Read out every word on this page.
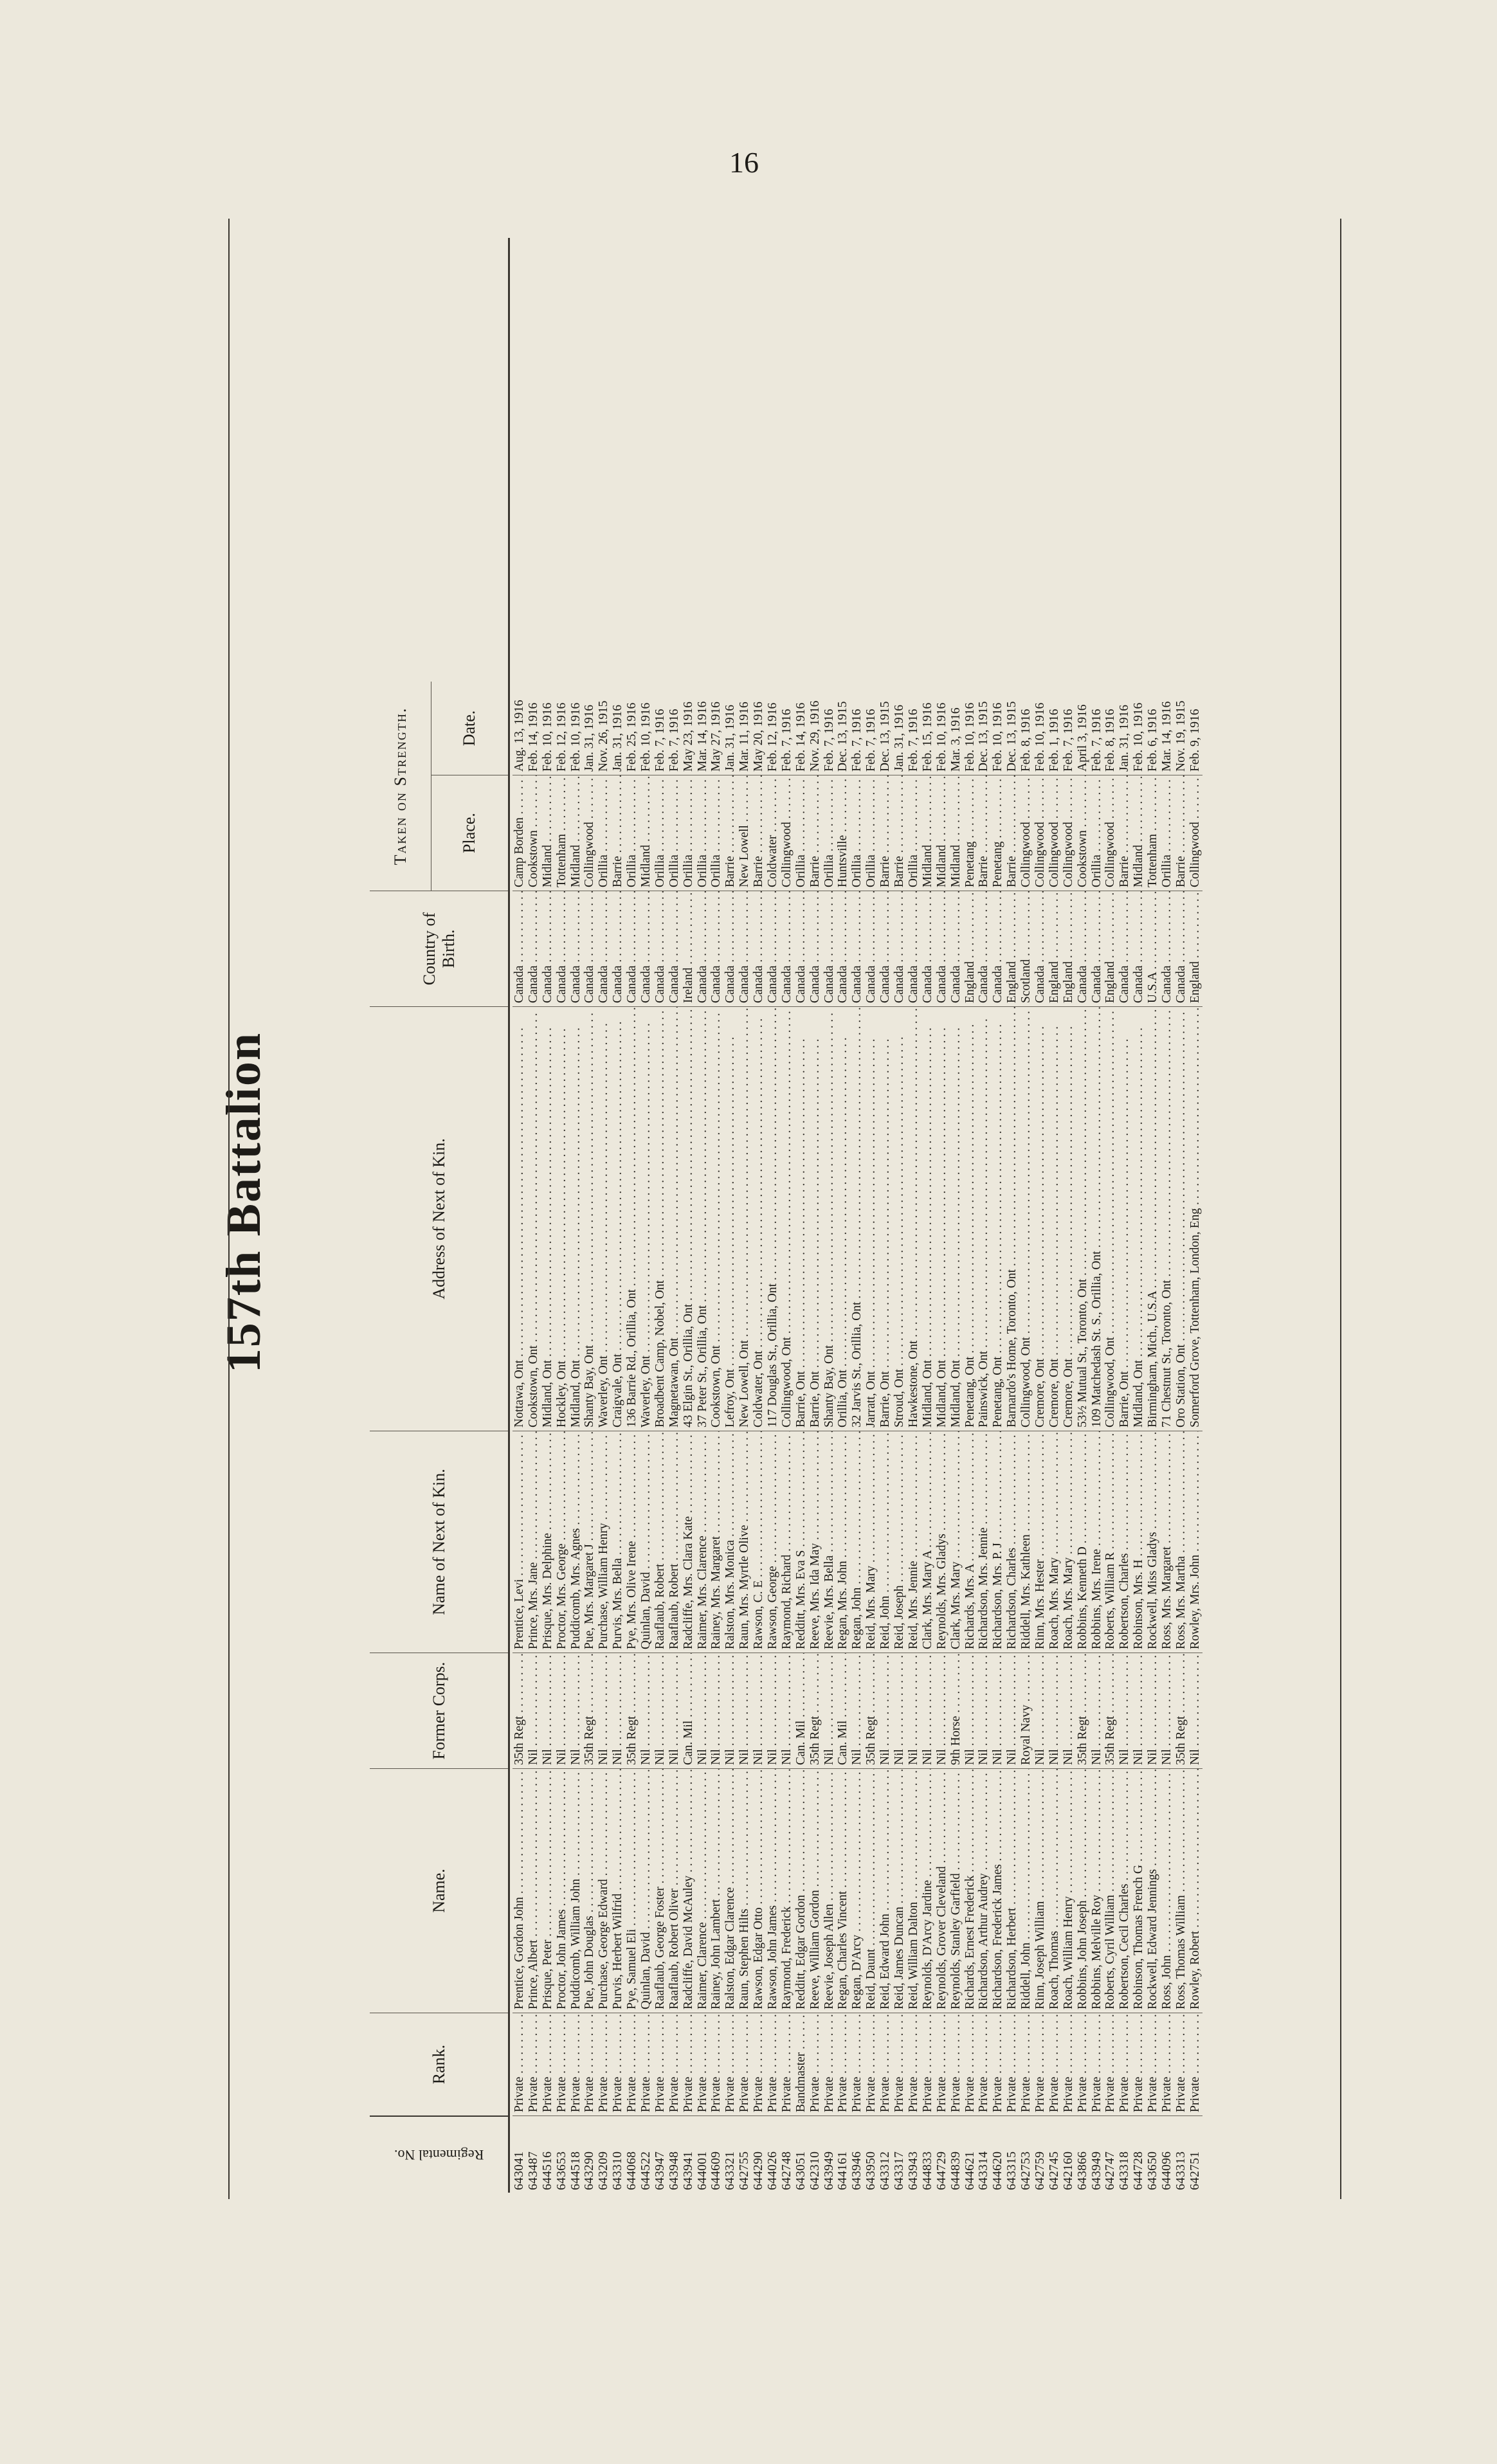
16
157th Battalion
Regimental No.
Rank.
Name.
Former Corps.
Name of Next of Kin.
Address of Next of Kin.
Country of Birth.
Taken on Strength.	Place.
Date.
643041
Private . . .
Prentice, Gordon John . . .
35th Regt . . .
Prentice, Levi . . .
Nottawa, Ont . . .
Canada . . .
Camp Borden . . .
Aug. 13, 1916
643487
Private . . .
Prince, Albert . . .
Nil . . .
Prince, Mrs. Jane . . .
Cookstown, Ont . . .
Canada . . .
Cookstown . . .
Feb. 14, 1916
644516
Private . . .
Prisque, Peter . . .
Nil . . .
Prisque, Mrs. Delphine . . .
Midland, Ont . . .
Canada . . .
Midland . . .
Feb. 10, 1916
643653
Private . . .
Proctor, John James . . .
Nil . . .
Proctor, Mrs. George . . .
Hockley, Ont . . .
Canada . . .
Tottenham . . .
Feb. 12, 1916
644518
Private . . .
Puddicomb, William John . . .
Nil . . .
Puddicomb, Mrs. Agnes . . .
Midland, Ont . . .
Canada . . .
Midland . . .
Feb. 10, 1916
643290
Private . . .
Pue, John Douglas . . .
35th Regt . . .
Pue, Mrs. Margaret J . . .
Shanty Bay, Ont . . .
Canada . . .
Collingwood . . .
Jan. 31, 1916
643209
Private . . .
Purchase, George Edward . . .
Nil . . .
Purchase, William Henry . . .
Waverley, Ont . . .
Canada . . .
Orillia . . .
Nov. 26, 1915
643310
Private . . .
Purvis, Herbert Wilfrid . . .
Nil . . .
Purvis, Mrs. Bella . . .
Craigvale, Ont . . .
Canada . . .
Barrie . . .
Jan. 31, 1916
644068
Private . . .
Pye, Samuel Eli . . .
35th Regt . . .
Pye, Mrs. Olive Irene . . .
136 Barrie Rd., Orillia, Ont . . .
Canada . . .
Orillia . . .
Feb. 25, 1916
644522
Private . . .
Quinlan, David . . .
Nil . . .
Quinlan, David . . .
Waverley, Ont . . .
Canada . . .
Midland . . .
Feb. 10, 1916
643947
Private . . .
Raaflaub, George Foster . . .
Nil . . .
Raaflaub, Robert . . .
Broadbent Camp, Nobel, Ont . . .
Canada . . .
Orillia . . .
Feb. 7, 1916
643948
Private . . .
Raaflaub, Robert Oliver . . .
Nil . . .
Raaflaub, Robert . . .
Magnetawan, Ont . . .
Canada . . .
Orillia . . .
Feb. 7, 1916
643941
Private . . .
Radcliffe, David McAuley . . .
Can. Mil . . .
Radcliffe, Mrs. Clara Kate . . .
43 Elgin St., Orillia, Ont . . .
Ireland . . .
Orillia . . .
May 23, 1916
644001
Private . . .
Raimer, Clarence . . .
Nil . . .
Raimer, Mrs. Clarence . . .
37 Peter St., Orillia, Ont . . .
Canada . . .
Orillia . . .
Mar. 14, 1916
644609
Private . . .
Rainey, John Lambert . . .
Nil . . .
Rainey, Mrs. Margaret . . .
Cookstown, Ont . . .
Canada . . .
Orillia . . .
May 27, 1916
643321
Private . . .
Ralston, Edgar Clarence . . .
Nil . . .
Ralston, Mrs. Monica . . .
Lefroy, Ont . . .
Canada . . .
Barrie . . .
Jan. 31, 1916
642755
Private . . .
Raun, Stephen Hilts . . .
Nil . . .
Raun, Mrs. Myrtle Olive . . .
New Lowell, Ont . . .
Canada . . .
New Lowell . . .
Mar. 11, 1916
644290
Private . . .
Rawson, Edgar Otto . . .
Nil . . .
Rawson, C. E . . .
Coldwater, Ont . . .
Canada . . .
Barrie . . .
May 20, 1916
644026
Private . . .
Rawson, John James . . .
Nil . . .
Rawson, George . . .
117 Douglas St., Orillia, Ont . . .
Canada . . .
Coldwater . . .
Feb. 12, 1916
642748
Private . . .
Raymond, Frederick . . .
Nil . . .
Raymond, Richard . . .
Collingwood, Ont . . .
Canada . . .
Collingwood . . .
Feb. 7, 1916
643051
Bandmaster . . .
Redditt, Edgar Gordon . . .
Can. Mil . . .
Redditt, Mrs. Eva S . . .
Barrie, Ont . . .
Canada . . .
Orillia . . .
Feb. 14, 1916
642310
Private . . .
Reeve, William Gordon . . .
35th Regt . . .
Reeve, Mrs. Ida May . . .
Barrie, Ont . . .
Canada . . .
Barrie . . .
Nov. 29, 1916
643949
Private . . .
Reevie, Joseph Allen . . .
Nil . . .
Reevie, Mrs. Bella . . .
Shanty Bay, Ont . . .
Canada . . .
Orillia . . .
Feb. 7, 1916
644161
Private . . .
Regan, Charles Vincent . . .
Can. Mil . . .
Regan, Mrs. John . . .
Orillia, Ont . . .
Canada . . .
Huntsville . . .
Dec. 13, 1915
643946
Private . . .
Regan, D'Arcy . . .
Nil . . .
Regan, John . . .
32 Jarvis St., Orillia, Ont . . .
Canada . . .
Orillia . . .
Feb. 7, 1916
643950
Private . . .
Reid, Daunt . . .
35th Regt . . .
Reid, Mrs. Mary . . .
Jarratt, Ont . . .
Canada . . .
Orillia . . .
Feb. 7, 1916
643312
Private . . .
Reid, Edward John . . .
Nil . . .
Reid, John . . .
Barrie, Ont . . .
Canada . . .
Barrie . . .
Dec. 13, 1915
643317
Private . . .
Reid, James Duncan . . .
Nil . . .
Reid, Joseph . . .
Stroud, Ont . . .
Canada . . .
Barrie . . .
Jan. 31, 1916
643943
Private . . .
Reid, William Dalton . . .
Nil . . .
Reid, Mrs. Jennie . . .
Hawkestone, Ont . . .
Canada . . .
Orillia . . .
Feb. 7, 1916
644833
Private . . .
Reynolds, D'Arcy Jardine . . .
Nil . . .
Clark, Mrs. Mary A . . .
Midland, Ont . . .
Canada . . .
Midland . . .
Feb. 15, 1916
644729
Private . . .
Reynolds, Grover Cleveland . . .
Nil . . .
Reynolds, Mrs. Gladys . . .
Midland, Ont . . .
Canada . . .
Midland . . .
Feb. 10, 1916
644839
Private . . .
Reynolds, Stanley Garfield . . .
9th Horse . . .
Clark, Mrs. Mary . . .
Midland, Ont . . .
Canada . . .
Midland . . .
Mar. 3, 1916
644621
Private . . .
Richards, Ernest Frederick . . .
Nil . . .
Richards, Mrs. A . . .
Penetang, Ont . . .
England . . .
Penetang . . .
Feb. 10, 1916
643314
Private . . .
Richardson, Arthur Audrey . . .
Nil . . .
Richardson, Mrs. Jennie . . .
Painswick, Ont . . .
Canada . . .
Barrie . . .
Dec. 13, 1915
644620
Private . . .
Richardson, Frederick James . . .
Nil . . .
Richardson, Mrs. P. J . . .
Penetang, Ont . . .
Canada . . .
Penetang . . .
Feb. 10, 1916
643315
Private . . .
Richardson, Herbert . . .
Nil . . .
Richardson, Charles . . .
Barnardo's Home, Toronto, Ont . . .
England . . .
Barrie . . .
Dec. 13, 1915
642753
Private . . .
Riddell, John . . .
Royal Navy . . .
Riddell, Mrs. Kathleen . . .
Collingwood, Ont . . .
Scotland . . .
Collingwood . . .
Feb. 8, 1916
642759
Private . . .
Rinn, Joseph William . . .
Nil . . .
Rinn, Mrs. Hester . . .
Cremore, Ont . . .
Canada . . .
Collingwood . . .
Feb. 10, 1916
642745
Private . . .
Roach, Thomas . . .
Nil . . .
Roach, Mrs. Mary . . .
Cremore, Ont . . .
England . . .
Collingwood . . .
Feb. 1, 1916
642160
Private . . .
Roach, William Henry . . .
Nil . . .
Roach, Mrs. Mary . . .
Cremore, Ont . . .
England . . .
Collingwood . . .
Feb. 7, 1916
643866
Private . . .
Robbins, John Joseph . . .
35th Regt . . .
Robbins, Kenneth D . . .
53½ Mutual St., Toronto, Ont . . .
Canada . . .
Cookstown . . .
April 3, 1916
643949
Private . . .
Robbins, Melville Roy . . .
Nil . . .
Robbins, Mrs. Irene . . .
109 Matchedash St. S., Orillia, Ont . . .
Canada . . .
Orillia . . .
Feb. 7, 1916
642747
Private . . .
Roberts, Cyril William . . .
35th Regt . . .
Roberts, William R . . .
Collingwood, Ont . . .
England . . .
Collingwood . . .
Feb. 8, 1916
643318
Private . . .
Robertson, Cecil Charles . . .
Nil . . .
Robertson, Charles . . .
Barrie, Ont . . .
Canada . . .
Barrie . . .
Jan. 31, 1916
644728
Private . . .
Robinson, Thomas French G . . .
Nil . . .
Robinson, Mrs. H . . .
Midland, Ont . . .
Canada . . .
Midland . . .
Feb. 10, 1916
643650
Private . . .
Rockwell, Edward Jennings . . .
Nil . . .
Rockwell, Miss Gladys . . .
Birmingham, Mich., U.S.A . . .
U.S.A . . .
Tottenham . . .
Feb. 6, 1916
644096
Private . . .
Ross, John . . .
Nil . . .
Ross, Mrs. Margaret . . .
71 Chestnut St., Toronto, Ont . . .
Canada . . .
Orillia . . .
Mar. 14, 1916
643313
Private . . .
Ross, Thomas William . . .
35th Regt . . .
Ross, Mrs. Martha . . .
Oro Station, Ont . . .
Canada . . .
Barrie . . .
Nov. 19, 1915
642751
Private . . .
Rowley, Robert . . .
Nil . . .
Rowley, Mrs. John . . .
Somerford Grove, Tottenham, London, Eng . . .
England . . .
Collingwood . . .
Feb. 9, 1916
